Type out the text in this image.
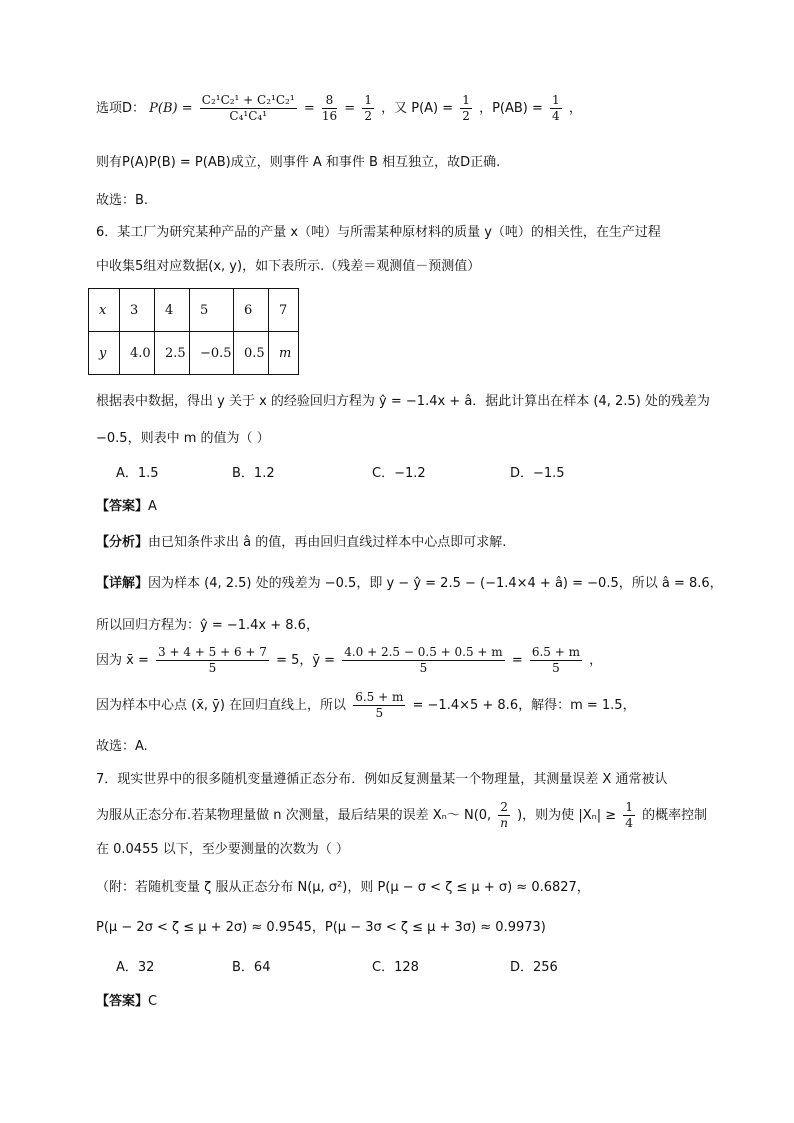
选项D： $P(B) = \frac{\text{C₂¹C₂¹ + C₂¹C₂¹}}{\text{C₄¹C₄¹}} = \frac{8}{16} = \frac{1}{2}$ ，又 $P(A) = \frac{1}{2}$ ，$P(AB) = \frac{1}{4}$ ，
则有P(A)P(B) = P(AB)成立，则事件 A 和事件 B 相互独立，故D正确.
故选：B.
6．某工厂为研究某种产品的产量 x（吨）与所需某种原材料的质量 y（吨）的相关性，在生产过程
中收集5组对应数据(x, y)，如下表所示.（残差＝观测值－预测值）
x	3	4	5	6	7
y	4.0	2.5	−0.5	0.5	m
根据表中数据，得出 y 关于 x 的经验回归方程为 ŷ = −1.4x + â．据此计算出在样本 (4, 2.5) 处的残差为
−0.5，则表中 m 的值为（ ）
A．1.5	B．1.2	C．−1.2	D．−1.5
【答案】A
【分析】由已知条件求出 â 的值，再由回归直线过样本中心点即可求解.
【详解】因为样本 (4, 2.5) 处的残差为 −0.5，即 y − ŷ = 2.5 − (−1.4×4 + â) = −0.5，所以 â = 8.6，
所以回归方程为：ŷ = −1.4x + 8.6，
因为 x̄ = $\frac{3 + 4 + 5 + 6 + 7}{5} = 5$，ȳ = $\frac{4.0 + 2.5 - 0.5 + 0.5 + m}{5} = \frac{6.5 + m}{5}$ ，
因为样本中心点 (x̄, ȳ) 在回归直线上，所以 $\frac{6.5 + m}{5} = -1.4\times 5 + 8.6$，解得：m = 1.5，
故选：A.
7．现实世界中的很多随机变量遵循正态分布．例如反复测量某一个物理量，其测量误差 X 通常被认
为服从正态分布.若某物理量做 n 次测量，最后结果的误差 Xₙ～ N(0, $\frac{2}{n}$ )，则为使 $|X_n| \ge \frac{1}{4}$ 的概率控制
在 0.0455 以下，至少要测量的次数为（ ）
（附：若随机变量 ζ 服从正态分布 N(μ, σ²)，则 P(μ − σ < ζ ≤ μ + σ) ≈ 0.6827，
P(μ − 2σ < ζ ≤ μ + 2σ) ≈ 0.9545，P(μ − 3σ < ζ ≤ μ + 3σ) ≈ 0.9973)
A．32	B．64	C．128	D．256
【答案】C
